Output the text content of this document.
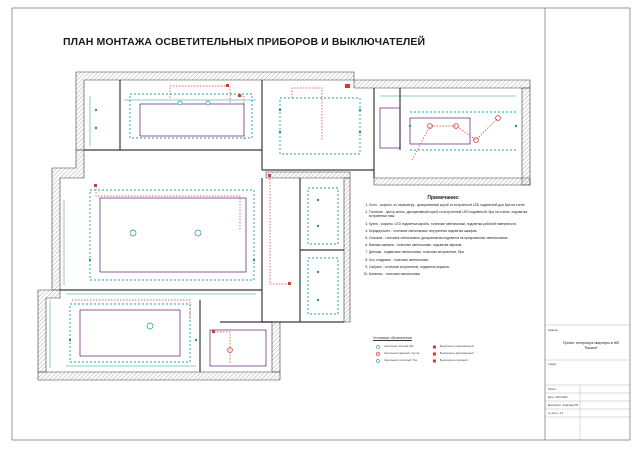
ПЛАН МОНТАЖА ОСВЕТИТЕЛЬНЫХ ПРИБОРОВ И ВЫКЛЮЧАТЕЛЕЙ
Примечание:
1. Холл - софиты, по периметру - декоративный короб со встроенной LED подсветкой для бра на стене.
2. Гостиная - центр-споты, декоративный короб со встроенной LED подсветкой, бра на стенах, подсветка встроенных ниш.
3. Кухня - софиты, LED подсветка короба, точечные светильники, подсветка рабочей поверхности.
4. Коридор/холл - точечные светильники, внутренняя подсветка шкафов.
5. Спальня - точечные светильники, декоративная подсветка на прикроватных светильниках.
6. Ванная комната - точечные светильники, подсветка зеркала.
7. Детская - подвесные светильники, точечные встроенные, бра.
8. Хоз. кладовая - точечные светильники.
9. Санузел - точечные встроенные, подсветка зеркала.
10. Балконы - точечные светильники.
Условные обозначения
Светильник точечный LED
Светильник подвесной / люстра
Светильник потолочный / бра
Выключатель одноклавишный
Выключатель двухклавишный
Выключатель проходной
Заказчик
Проект интерьера квартиры в ЖК "Вишня"
Стадия
Проект
Дата - 2019-2020 г.
Выполнила - Ковалева И.В.
№ листа - 1/1
